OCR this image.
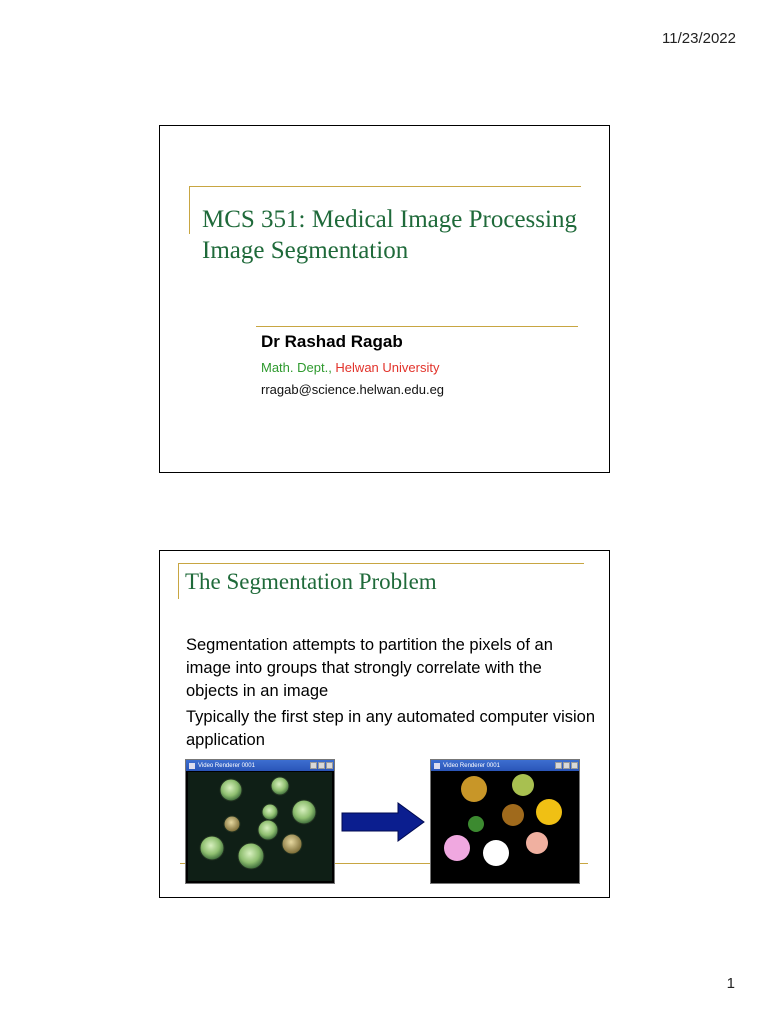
11/23/2022
MCS 351: Medical Image Processing
Image Segmentation
Dr Rashad Ragab
Math. Dept., Helwan University
rragab@science.helwan.edu.eg
The Segmentation Problem

Segmentation attempts to partition the pixels of an image into groups that strongly correlate with the objects in an image

Typically the first step in any automated computer vision application

Video Renderer 0001	Video Renderer 0001
1
